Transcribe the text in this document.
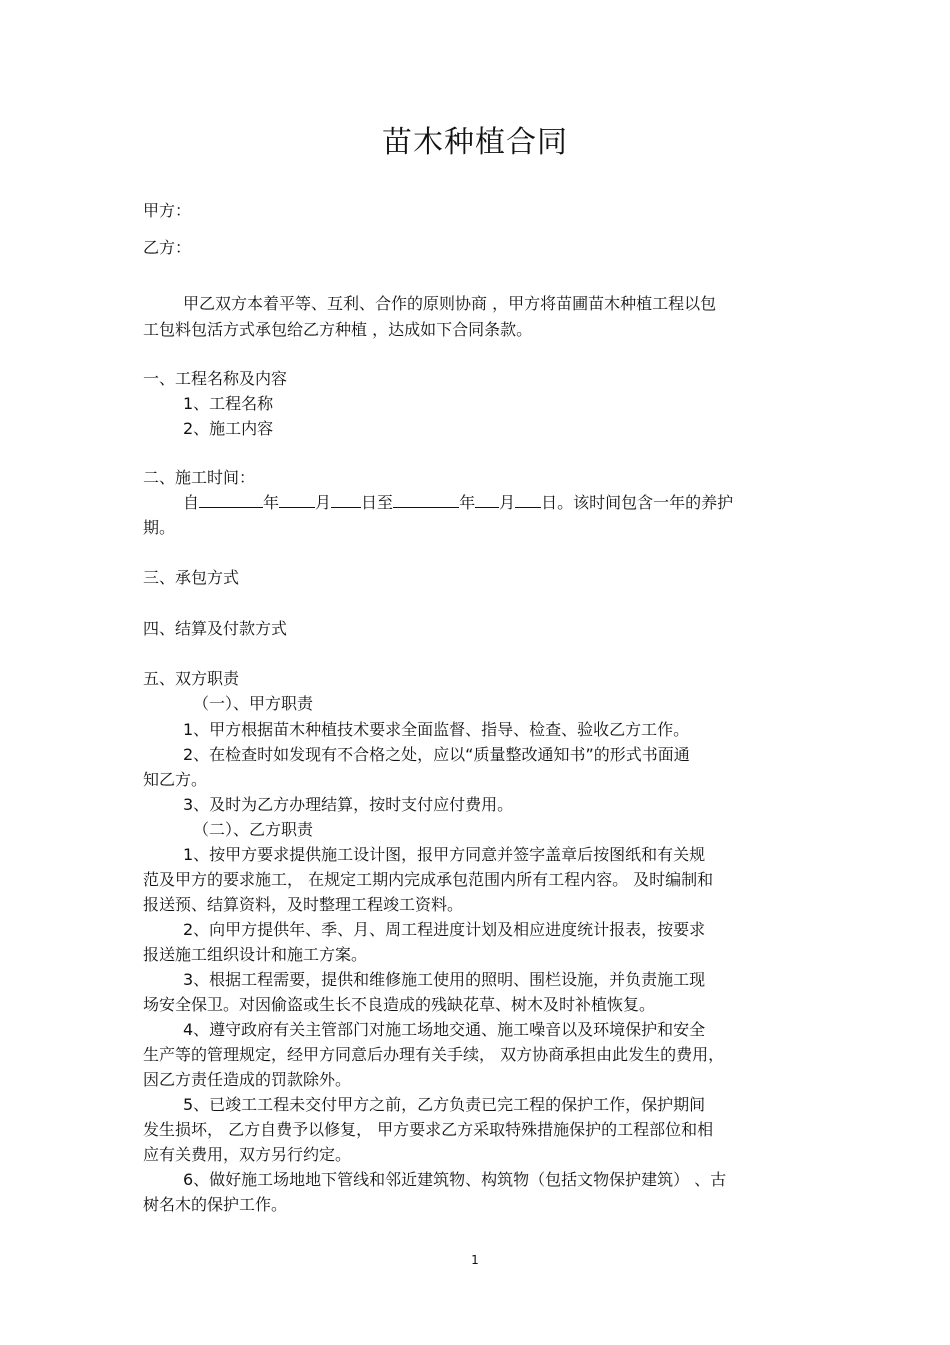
苗木种植合同
甲方：
乙方：
甲乙双方本着平等、互利、合作的原则协商 ，甲方将苗圃苗木种植工程以包
工包料包活方式承包给乙方种植 ，达成如下合同条款。
一、工程名称及内容
1、工程名称
2、施工内容
二、施工时间：
自	年 月 日至	年 月 日。该时间包含一年的养护
期。
三、承包方式
四、结算及付款方式
五、双方职责
（一）、甲方职责
1、甲方根据苗木种植技术要求全面监督、指导、检查、验收乙方工作。
2、在检查时如发现有不合格之处，应以“质量整改通知书”的形式书面通
知乙方。
3、及时为乙方办理结算，按时支付应付费用。
（二）、乙方职责
1、按甲方要求提供施工设计图，报甲方同意并签字盖章后按图纸和有关规
范及甲方的要求施工， 在规定工期内完成承包范围内所有工程内容。 及时编制和
报送预、结算资料，及时整理工程竣工资料。
2、向甲方提供年、季、月、周工程进度计划及相应进度统计报表，按要求
报送施工组织设计和施工方案。
3、根据工程需要，提供和维修施工使用的照明、围栏设施，并负责施工现
场安全保卫。对因偷盗或生长不良造成的残缺花草、树木及时补植恢复。
4、遵守政府有关主管部门对施工场地交通、施工噪音以及环境保护和安全
生产等的管理规定，经甲方同意后办理有关手续， 双方协商承担由此发生的费用，
因乙方责任造成的罚款除外。
5、已竣工工程未交付甲方之前，乙方负责已完工程的保护工作，保护期间
发生损坏， 乙方自费予以修复， 甲方要求乙方采取特殊措施保护的工程部位和相
应有关费用，双方另行约定。
6、做好施工场地地下管线和邻近建筑物、构筑物（包括文物保护建筑） 、古
树名木的保护工作。
1
